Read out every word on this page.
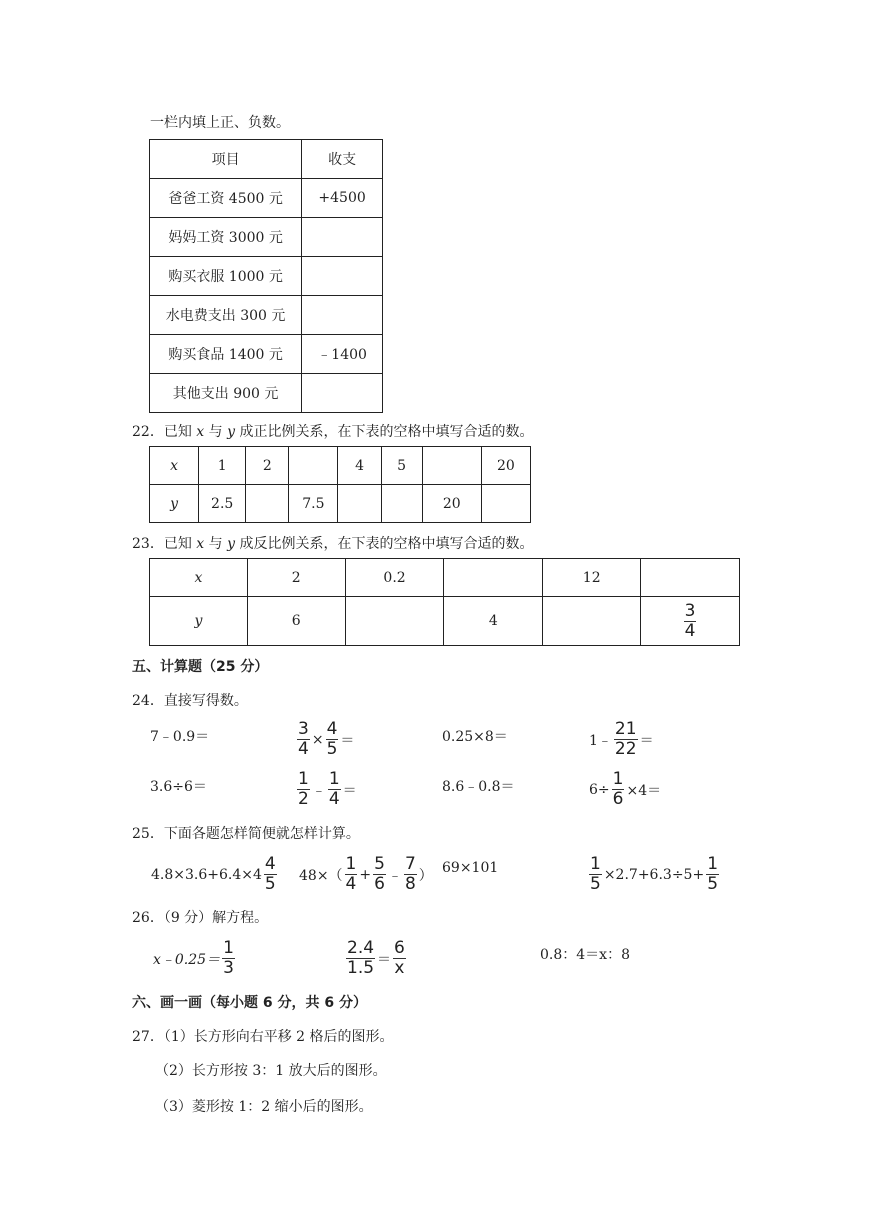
一栏内填上正、负数。
项目	收支
爸爸工资 4500 元	+4500
妈妈工资 3000 元	
购买衣服 1000 元	
水电费支出 300 元	
购买食品 1400 元	﹣1400
其他支出 900 元	
22．已知 x 与 y 成正比例关系，在下表的空格中填写合适的数。
x	1	2		4	5		20
y	2.5		7.5			20	
23．已知 x 与 y 成反比例关系，在下表的空格中填写合适的数。
x	2	0.2		12	
y	6		4		$\frac{3}{4}$
五、计算题（25 分）
24．直接写得数。
7﹣0.9＝	$\frac{3}{4} \times \frac{4}{5}$ ＝	0.25×8＝	1﹣ $\frac{21}{22}$ ＝
3.6÷6＝	$\frac{1}{2}$ ﹣ $\frac{1}{4}$ ＝	8.6﹣0.8＝	$6\div \frac{1}{6} \times 4=$
25．下面各题怎样简便就怎样计算。
$4.8\times 3.6+6.4\times 4 \frac{4}{5} 48\times( \frac{1}{4} + \frac{5}{6}$ ﹣ $\frac{7}{8}$ ） 69×101	$\frac{1}{5} \times 2.7+6.3\div 5+ \frac{1}{5}$
26．（9 分）解方程。
x﹣0.25＝ $\frac{1}{3}$	$\frac{2.4}{1.5} = \frac{6}{x}$	0.8：4＝x：8
六、画一画（每小题 6 分，共 6 分）
27．（1）长方形向右平移 2 格后的图形。
（2）长方形按 3：1 放大后的图形。
（3）菱形按 1：2 缩小后的图形。
